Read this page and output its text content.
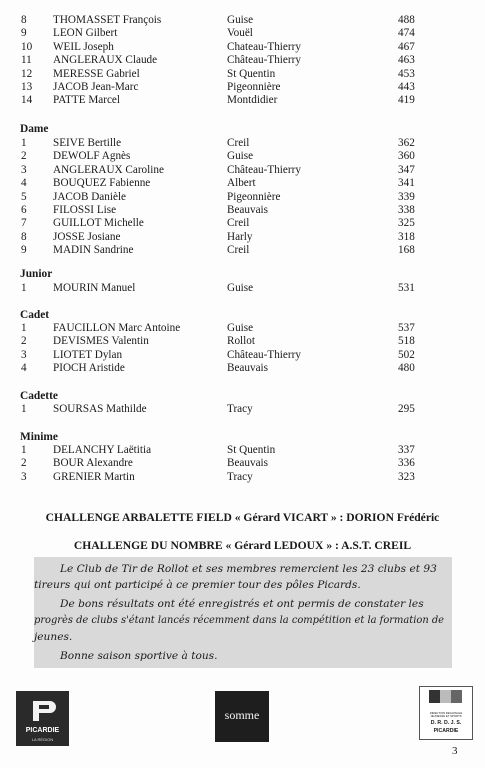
8 THOMASSET François	Guise	488
9 LEON Gilbert	Vouël	474
10 WEIL Joseph	Chateau-Thierry	467
11 ANGLERAUX Claude	Château-Thierry	463
12 MERESSE Gabriel	St Quentin	453
13 JACOB Jean-Marc	Pigeonnière	443
14 PATTE Marcel	Montdidier	419
Dame
1 SEIVE Bertille	Creil	362
2 DEWOLF Agnès	Guise	360
3 ANGLERAUX Caroline	Château-Thierry	347
4 BOUQUEZ Fabienne	Albert	341
5 JACOB Danièle	Pigeonnière	339
6 FILOSSI Lise	Beauvais	338
7 GUILLOT Michelle	Creil	325
8 JOSSE Josiane	Harly	318
9 MADIN Sandrine	Creil	168
Junior
1 MOURIN Manuel	Guise	531
Cadet
1 FAUCILLON Marc Antoine	Guise	537
2 DEVISMES Valentin	Rollot	518
3 LIOTET Dylan	Château-Thierry	502
4 PIOCH Aristide	Beauvais	480
Cadette
1 SOURSAS Mathilde	Tracy	295
Minime
1 DELANCHY Laëtitia	St Quentin	337
2 BOUR Alexandre	Beauvais	336
3 GRENIER Martin	Tracy	323
CHALLENGE ARBALETTE FIELD « Gérard VICART » : DORION Frédéric
CHALLENGE DU NOMBRE « Gérard LEDOUX » : A.S.T. CREIL
Le Club de Tir de Rollot et ses membres remercient les 23 clubs et 93
tireurs qui ont participé à ce premier tour des pôles Picards.
De bons résultats ont été enregistrés et ont permis de constater les
progrès de clubs s'étant lancés récemment dans la compétition et la formation de
jeunes.
Bonne saison sportive à tous.
PICARDIE
LA RÉGION
somme	DIRECTION RÉGIONALE JEUNESSE ET SPORTS
D. R. D. J. S.
PICARDIE
3
